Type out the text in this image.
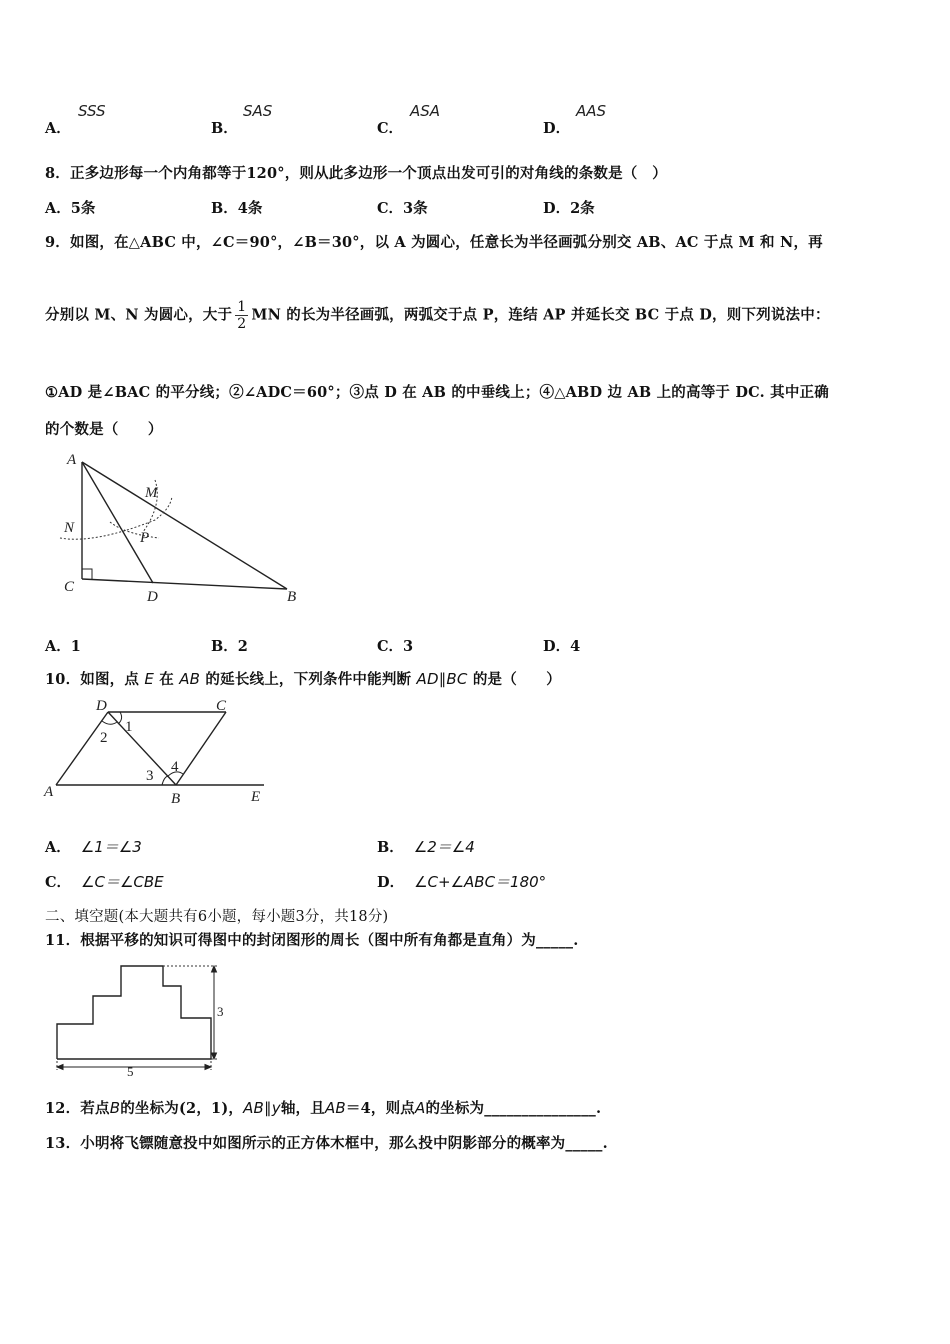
A．
SSS
B．
SAS
C．
ASA
D．
AAS
8．正多边形每一个内角都等于120°，则从此多边形一个顶点出发可引的对角线的条数是（　）
A．5条	B．4条	C．3条	D．2条
9．如图，在△ABC 中，∠C＝90°，∠B＝30°，以 A 为圆心，任意长为半径画弧分别交 AB、AC 于点 M 和 N，再
分别以 M、N 为圆心，大于 $\frac{1}{2}$ MN 的长为半径画弧，两弧交于点 P，连结 AP 并延长交 BC 于点 D，则下列说法中：
①AD 是∠BAC 的平分线；②∠ADC＝60°；③点 D 在 AB 的中垂线上；④△ABD 边 AB 上的高等于 DC. 其中正确
的个数是（　　）
A
M
N
P
C
D	B
A．1	B．2	C．3	D．4
10．如图，点 E 在 AB 的延长线上，下列条件中能判断 AD∥BC 的是（　　）
D	C
A	B	E
1
2
3
4
A． ∠1＝∠3	B． ∠2＝∠4
C． ∠C＝∠CBE	D． ∠C+∠ABC＝180°
二、填空题(本大题共有6小题，每小题3分，共18分)
11．根据平移的知识可得图中的封闭图形的周长（图中所有角都是直角）为_____.
3
5
12．若点B的坐标为(2，1)，AB∥y轴，且AB＝4，则点A的坐标为_______________.
13．小明将飞镖随意投中如图所示的正方体木框中，那么投中阴影部分的概率为_____.
